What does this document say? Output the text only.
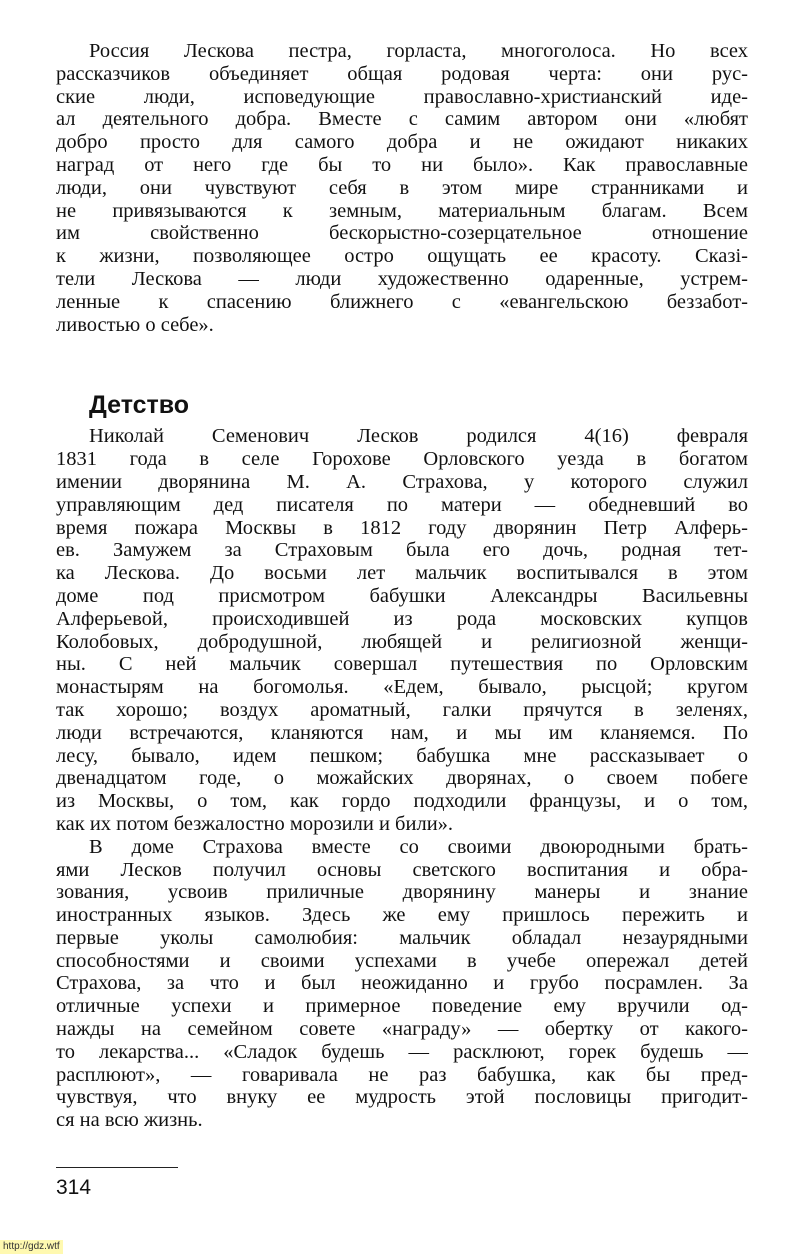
Россия Лескова пестра, горласта, многоголоса. Но всех
рассказчиков объединяет общая родовая черта: они рус-
ские люди, исповедующие православно-христианский иде-
ал деятельного добра. Вместе с самим автором они «любят
добро просто для самого добра и не ожидают никаких
наград от него где бы то ни было». Как православные
люди, они чувствуют себя в этом мире странниками и
не привязываются к земным, материальным благам. Всем
им свойственно бескорыстно-созерцательное отношение
к жизни, позволяющее остро ощущать ее красоту. Сказі-
тели Лескова — люди художественно одаренные, устрем-
ленные к спасению ближнего с «евангельскою беззабот-
ливостью о себе».
Детство
Николай Семенович Лесков родился 4(16) февраля
1831 года в селе Горохове Орловского уезда в богатом
имении дворянина М. А. Страхова, у которого служил
управляющим дед писателя по матери — обедневший во
время пожара Москвы в 1812 году дворянин Петр Алферь-
ев. Замужем за Страховым была его дочь, родная тет-
ка Лескова. До восьми лет мальчик воспитывался в этом
доме под присмотром бабушки Александры Васильевны
Алферьевой, происходившей из рода московских купцов
Колобовых, добродушной, любящей и религиозной женщи-
ны. С ней мальчик совершал путешествия по Орловским
монастырям на богомолья. «Едем, бывало, рысцой; кругом
так хорошо; воздух ароматный, галки прячутся в зеленях,
люди встречаются, кланяются нам, и мы им кланяемся. По
лесу, бывало, идем пешком; бабушка мне рассказывает о
двенадцатом годе, о можайских дворянах, о своем побеге
из Москвы, о том, как гордо подходили французы, и о том,
как их потом безжалостно морозили и били».
В доме Страхова вместе со своими двоюродными брать-
ями Лесков получил основы светского воспитания и обра-
зования, усвоив приличные дворянину манеры и знание
иностранных языков. Здесь же ему пришлось пережить и
первые уколы самолюбия: мальчик обладал незаурядными
способностями и своими успехами в учебе опережал детей
Страхова, за что и был неожиданно и грубо посрамлен. За
отличные успехи и примерное поведение ему вручили од-
нажды на семейном совете «награду» — обертку от какого-
то лекарства... «Сладок будешь — расклюют, горек будешь —
расплюют», — говаривала не раз бабушка, как бы пред-
чувствуя, что внуку ее мудрость этой пословицы пригодит-
ся на всю жизнь.
314
http://gdz.wtf
